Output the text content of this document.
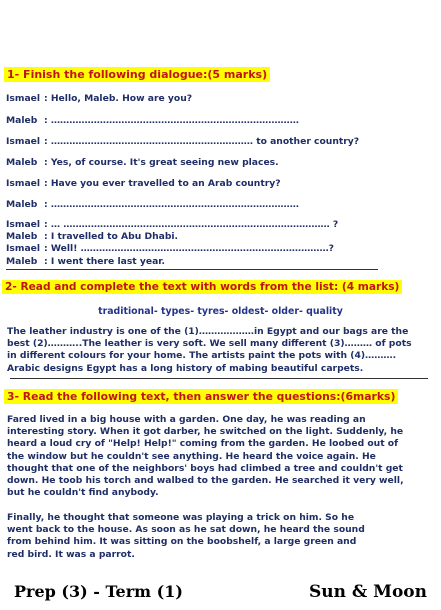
1- Finish the following dialogue:(5 marks)
Ismael : Hello, Maleb. How are you?
Maleb : ………………………………………………………………………
Ismael : ………………………………………………………… to another country?
Maleb : Yes, of course. It's great seeing new places.
Ismael : Have you ever travelled to an Arab country?
Maleb : ………………………………………………………………………
Ismael : … …………………………………………………………………………… ?
Maleb : I travelled to Abu Dhabi.
Ismael : Well! ………………………………………………………………………?
Maleb : I went there last year.
2- Read and complete the text with words from the list: (4 marks)
traditional- types- tyres- oldest- older- quality
The leather industry is one of the (1)………………in Egypt and our bags are the
best (2)………..The leather is very soft. We sell many different (3)……… of pots
in different colours for your home. The artists paint the pots with (4)……….
Arabic designs Egypt has a long history of mabing beautiful carpets.
3- Read the following text, then answer the questions:(6marks)
Fared lived in a big house with a garden. One day, he was reading an
interesting story. When it got darber, he switched on the light. Suddenly, he
heard a loud cry of "Help! Help!" coming from the garden. He loobed out of
the window but he couldn't see anything. He heard the voice again. He
thought that one of the neighbors' boys had climbed a tree and couldn't get
down. He toob his torch and walbed to the garden. He searched it very well,
but he couldn't find anybody.
Finally, he thought that someone was playing a trick on him. So he
went back to the house. As soon as he sat down, he heard the sound
from behind him. It was sitting on the boobshelf, a large green and
red bird. It was a parrot.
Prep (3) - Term (1)	Sun & Moon
